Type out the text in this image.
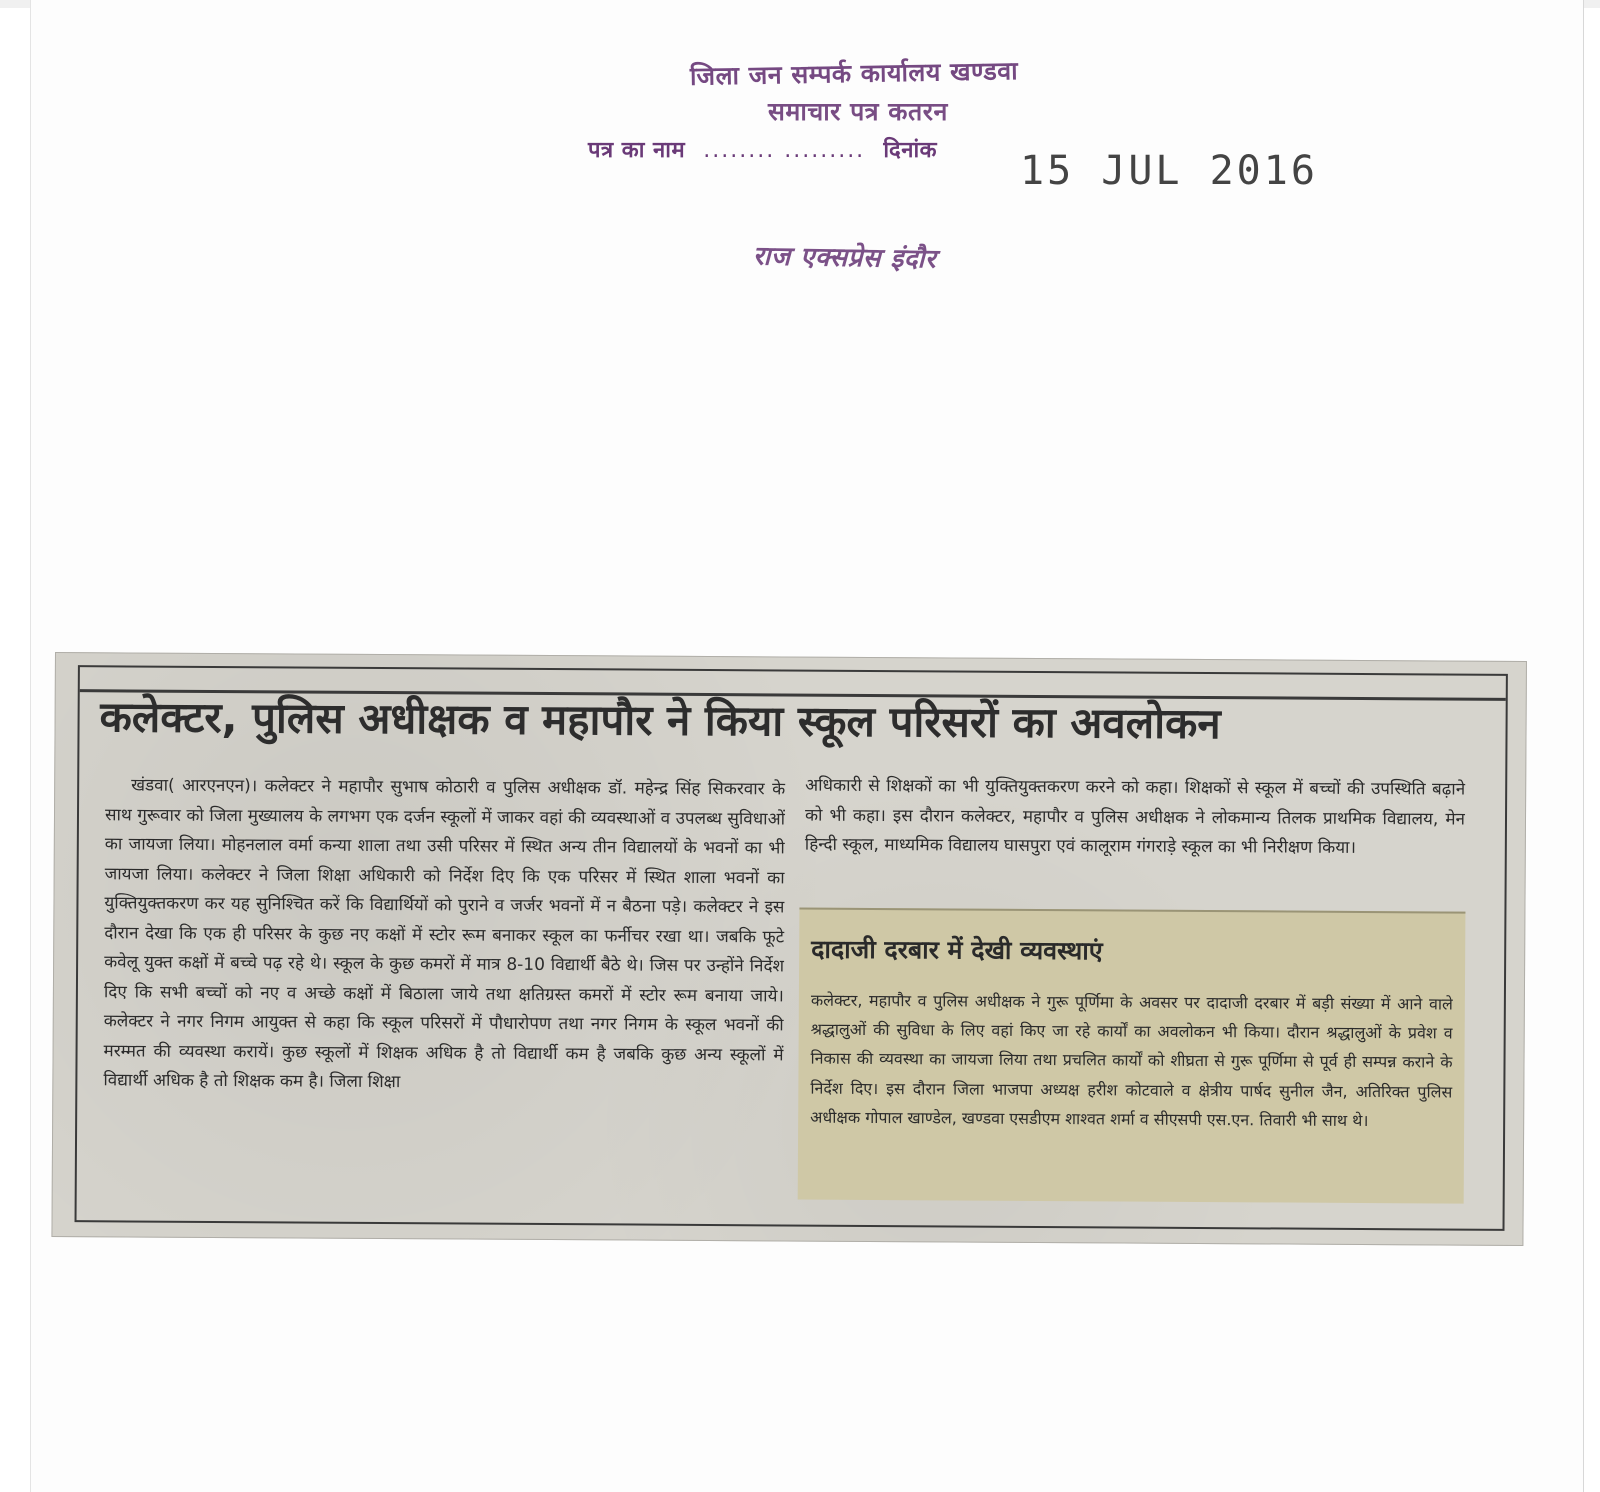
जिला जन सम्पर्क कार्यालय खण्डवा
समाचार पत्र कतरन
पत्र का नाम ........ ......... दिनांक 15 JUL 2016
राज एक्सप्रेस इंदौर
कलेक्टर, पुलिस अधीक्षक व महापौर ने किया स्कूल परिसरों का अवलोकन

खंडवा( आरएनएन)। कलेक्टर ने महापौर सुभाष कोठारी व पुलिस अधीक्षक डॉ. महेन्द्र सिंह सिकरवार के साथ गुरूवार को जिला मुख्यालय के लगभग एक दर्जन स्कूलों में जाकर वहां की व्यवस्थाओं व उपलब्ध सुविधाओं का जायजा लिया। मोहनलाल वर्मा कन्या शाला तथा उसी परिसर में स्थित अन्य तीन विद्यालयों के भवनों का भी जायजा लिया। कलेक्टर ने जिला शिक्षा अधिकारी को निर्देश दिए कि एक परिसर में स्थित शाला भवनों का युक्तियुक्तकरण कर यह सुनिश्चित करें कि विद्यार्थियों को पुराने व जर्जर भवनों में न बैठना पड़े। कलेक्टर ने इस दौरान देखा कि एक ही परिसर के कुछ नए कक्षों में स्टोर रूम बनाकर स्कूल का फर्नीचर रखा था। जबकि फूटे कवेलू युक्त कक्षों में बच्चे पढ़ रहे थे। स्कूल के कुछ कमरों में मात्र 8-10 विद्यार्थी बैठे थे। जिस पर उन्होंने निर्देश दिए कि सभी बच्चों को नए व अच्छे कक्षों में बिठाला जाये तथा क्षतिग्रस्त कमरों में स्टोर रूम बनाया जाये। कलेक्टर ने नगर निगम आयुक्त से कहा कि स्कूल परिसरों में पौधारोपण तथा नगर निगम के स्कूल भवनों की मरम्मत की व्यवस्था करायें। कुछ स्कूलों में शिक्षक अधिक है तो विद्यार्थी कम है जबकि कुछ अन्य स्कूलों में विद्यार्थी अधिक है तो शिक्षक कम है। जिला शिक्षा

अधिकारी से शिक्षकों का भी युक्तियुक्तकरण करने को कहा। शिक्षकों से स्कूल में बच्चों की उपस्थिति बढ़ाने को भी कहा। इस दौरान कलेक्टर, महापौर व पुलिस अधीक्षक ने लोकमान्य तिलक प्राथमिक विद्यालय, मेन हिन्दी स्कूल, माध्यमिक विद्यालय घासपुरा एवं कालूराम गंगराड़े स्कूल का भी निरीक्षण किया।

दादाजी दरबार में देखी व्यवस्थाएं

कलेक्टर, महापौर व पुलिस अधीक्षक ने गुरू पूर्णिमा के अवसर पर दादाजी दरबार में बड़ी संख्या में आने वाले श्रद्धालुओं की सुविधा के लिए वहां किए जा रहे कार्यों का अवलोकन भी किया। दौरान श्रद्धालुओं के प्रवेश व निकास की व्यवस्था का जायजा लिया तथा प्रचलित कार्यों को शीघ्रता से गुरू पूर्णिमा से पूर्व ही सम्पन्न कराने के निर्देश दिए। इस दौरान जिला भाजपा अध्यक्ष हरीश कोटवाले व क्षेत्रीय पार्षद सुनील जैन, अतिरिक्त पुलिस अधीक्षक गोपाल खाण्डेल, खण्डवा एसडीएम शाश्वत शर्मा व सीएसपी एस.एन. तिवारी भी साथ थे।
